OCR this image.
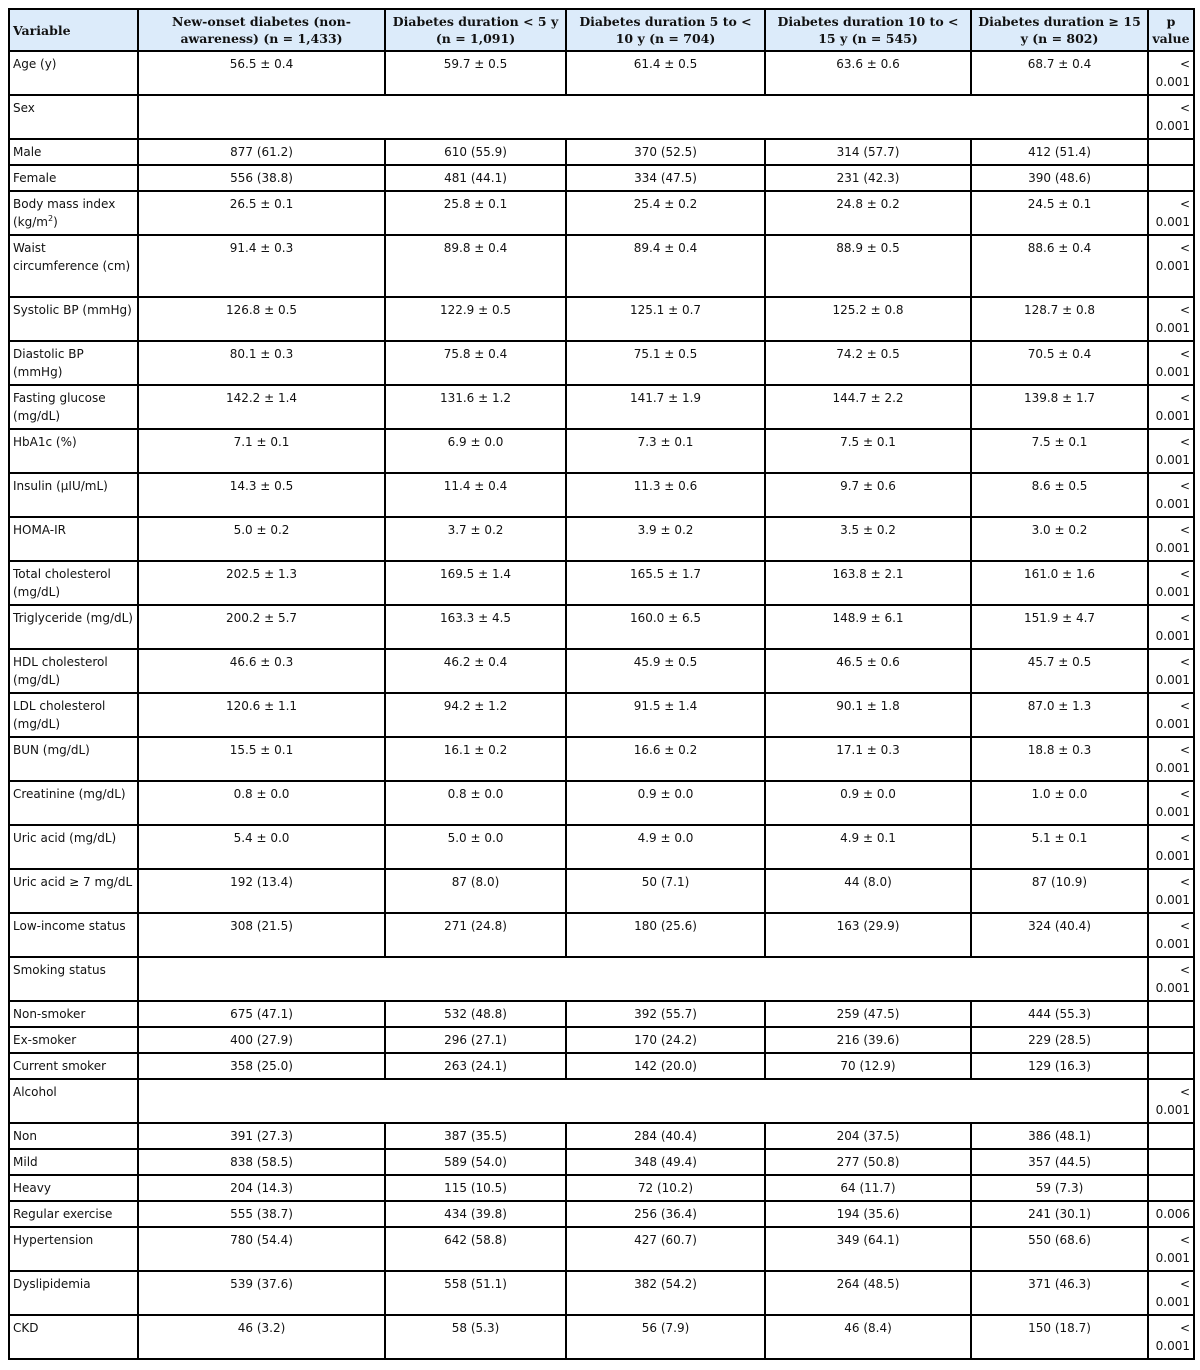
Variable	New-onset diabetes (non-awareness) (n = 1,433)	Diabetes duration < 5 y (n = 1,091)	Diabetes duration 5 to < 10 y (n = 704)	Diabetes duration 10 to < 15 y (n = 545)	Diabetes duration ≥ 15 y (n = 802)	p value
Age (y)	56.5 ± 0.4	59.7 ± 0.5	61.4 ± 0.5	63.6 ± 0.6	68.7 ± 0.4	< 0.001
Sex						< 0.001
Male	877 (61.2)	610 (55.9)	370 (52.5)	314 (57.7)	412 (51.4)	
Female	556 (38.8)	481 (44.1)	334 (47.5)	231 (42.3)	390 (48.6)	
Body mass index $(kg/m^2)$	26.5 ± 0.1	25.8 ± 0.1	25.4 ± 0.2	24.8 ± 0.2	24.5 ± 0.1	< 0.001
Waist circumference (cm)	91.4 ± 0.3	89.8 ± 0.4	89.4 ± 0.4	88.9 ± 0.5	88.6 ± 0.4	< 0.001
Systolic BP (mmHg)	126.8 ± 0.5	122.9 ± 0.5	125.1 ± 0.7	125.2 ± 0.8	128.7 ± 0.8	< 0.001
Diastolic BP (mmHg)	80.1 ± 0.3	75.8 ± 0.4	75.1 ± 0.5	74.2 ± 0.5	70.5 ± 0.4	< 0.001
Fasting glucose (mg/dL)	142.2 ± 1.4	131.6 ± 1.2	141.7 ± 1.9	144.7 ± 2.2	139.8 ± 1.7	< 0.001
HbA1c (%)	7.1 ± 0.1	6.9 ± 0.0	7.3 ± 0.1	7.5 ± 0.1	7.5 ± 0.1	< 0.001
Insulin (μIU/mL)	14.3 ± 0.5	11.4 ± 0.4	11.3 ± 0.6	9.7 ± 0.6	8.6 ± 0.5	< 0.001
HOMA-IR	5.0 ± 0.2	3.7 ± 0.2	3.9 ± 0.2	3.5 ± 0.2	3.0 ± 0.2	< 0.001
Total cholesterol (mg/dL)	202.5 ± 1.3	169.5 ± 1.4	165.5 ± 1.7	163.8 ± 2.1	161.0 ± 1.6	< 0.001
Triglyceride (mg/dL)	200.2 ± 5.7	163.3 ± 4.5	160.0 ± 6.5	148.9 ± 6.1	151.9 ± 4.7	< 0.001
HDL cholesterol (mg/dL)	46.6 ± 0.3	46.2 ± 0.4	45.9 ± 0.5	46.5 ± 0.6	45.7 ± 0.5	< 0.001
LDL cholesterol (mg/dL)	120.6 ± 1.1	94.2 ± 1.2	91.5 ± 1.4	90.1 ± 1.8	87.0 ± 1.3	< 0.001
BUN (mg/dL)	15.5 ± 0.1	16.1 ± 0.2	16.6 ± 0.2	17.1 ± 0.3	18.8 ± 0.3	< 0.001
Creatinine (mg/dL)	0.8 ± 0.0	0.8 ± 0.0	0.9 ± 0.0	0.9 ± 0.0	1.0 ± 0.0	< 0.001
Uric acid (mg/dL)	5.4 ± 0.0	5.0 ± 0.0	4.9 ± 0.0	4.9 ± 0.1	5.1 ± 0.1	< 0.001
Uric acid ≥ 7 mg/dL	192 (13.4)	87 (8.0)	50 (7.1)	44 (8.0)	87 (10.9)	< 0.001
Low-income status	308 (21.5)	271 (24.8)	180 (25.6)	163 (29.9)	324 (40.4)	< 0.001
Smoking status						< 0.001
Non-smoker	675 (47.1)	532 (48.8)	392 (55.7)	259 (47.5)	444 (55.3)	
Ex-smoker	400 (27.9)	296 (27.1)	170 (24.2)	216 (39.6)	229 (28.5)	
Current smoker	358 (25.0)	263 (24.1)	142 (20.0)	70 (12.9)	129 (16.3)	
Alcohol						< 0.001
Non	391 (27.3)	387 (35.5)	284 (40.4)	204 (37.5)	386 (48.1)	
Mild	838 (58.5)	589 (54.0)	348 (49.4)	277 (50.8)	357 (44.5)	
Heavy	204 (14.3)	115 (10.5)	72 (10.2)	64 (11.7)	59 (7.3)	
Regular exercise	555 (38.7)	434 (39.8)	256 (36.4)	194 (35.6)	241 (30.1)	0.006
Hypertension	780 (54.4)	642 (58.8)	427 (60.7)	349 (64.1)	550 (68.6)	< 0.001
Dyslipidemia	539 (37.6)	558 (51.1)	382 (54.2)	264 (48.5)	371 (46.3)	< 0.001
CKD	46 (3.2)	58 (5.3)	56 (7.9)	46 (8.4)	150 (18.7)	< 0.001
